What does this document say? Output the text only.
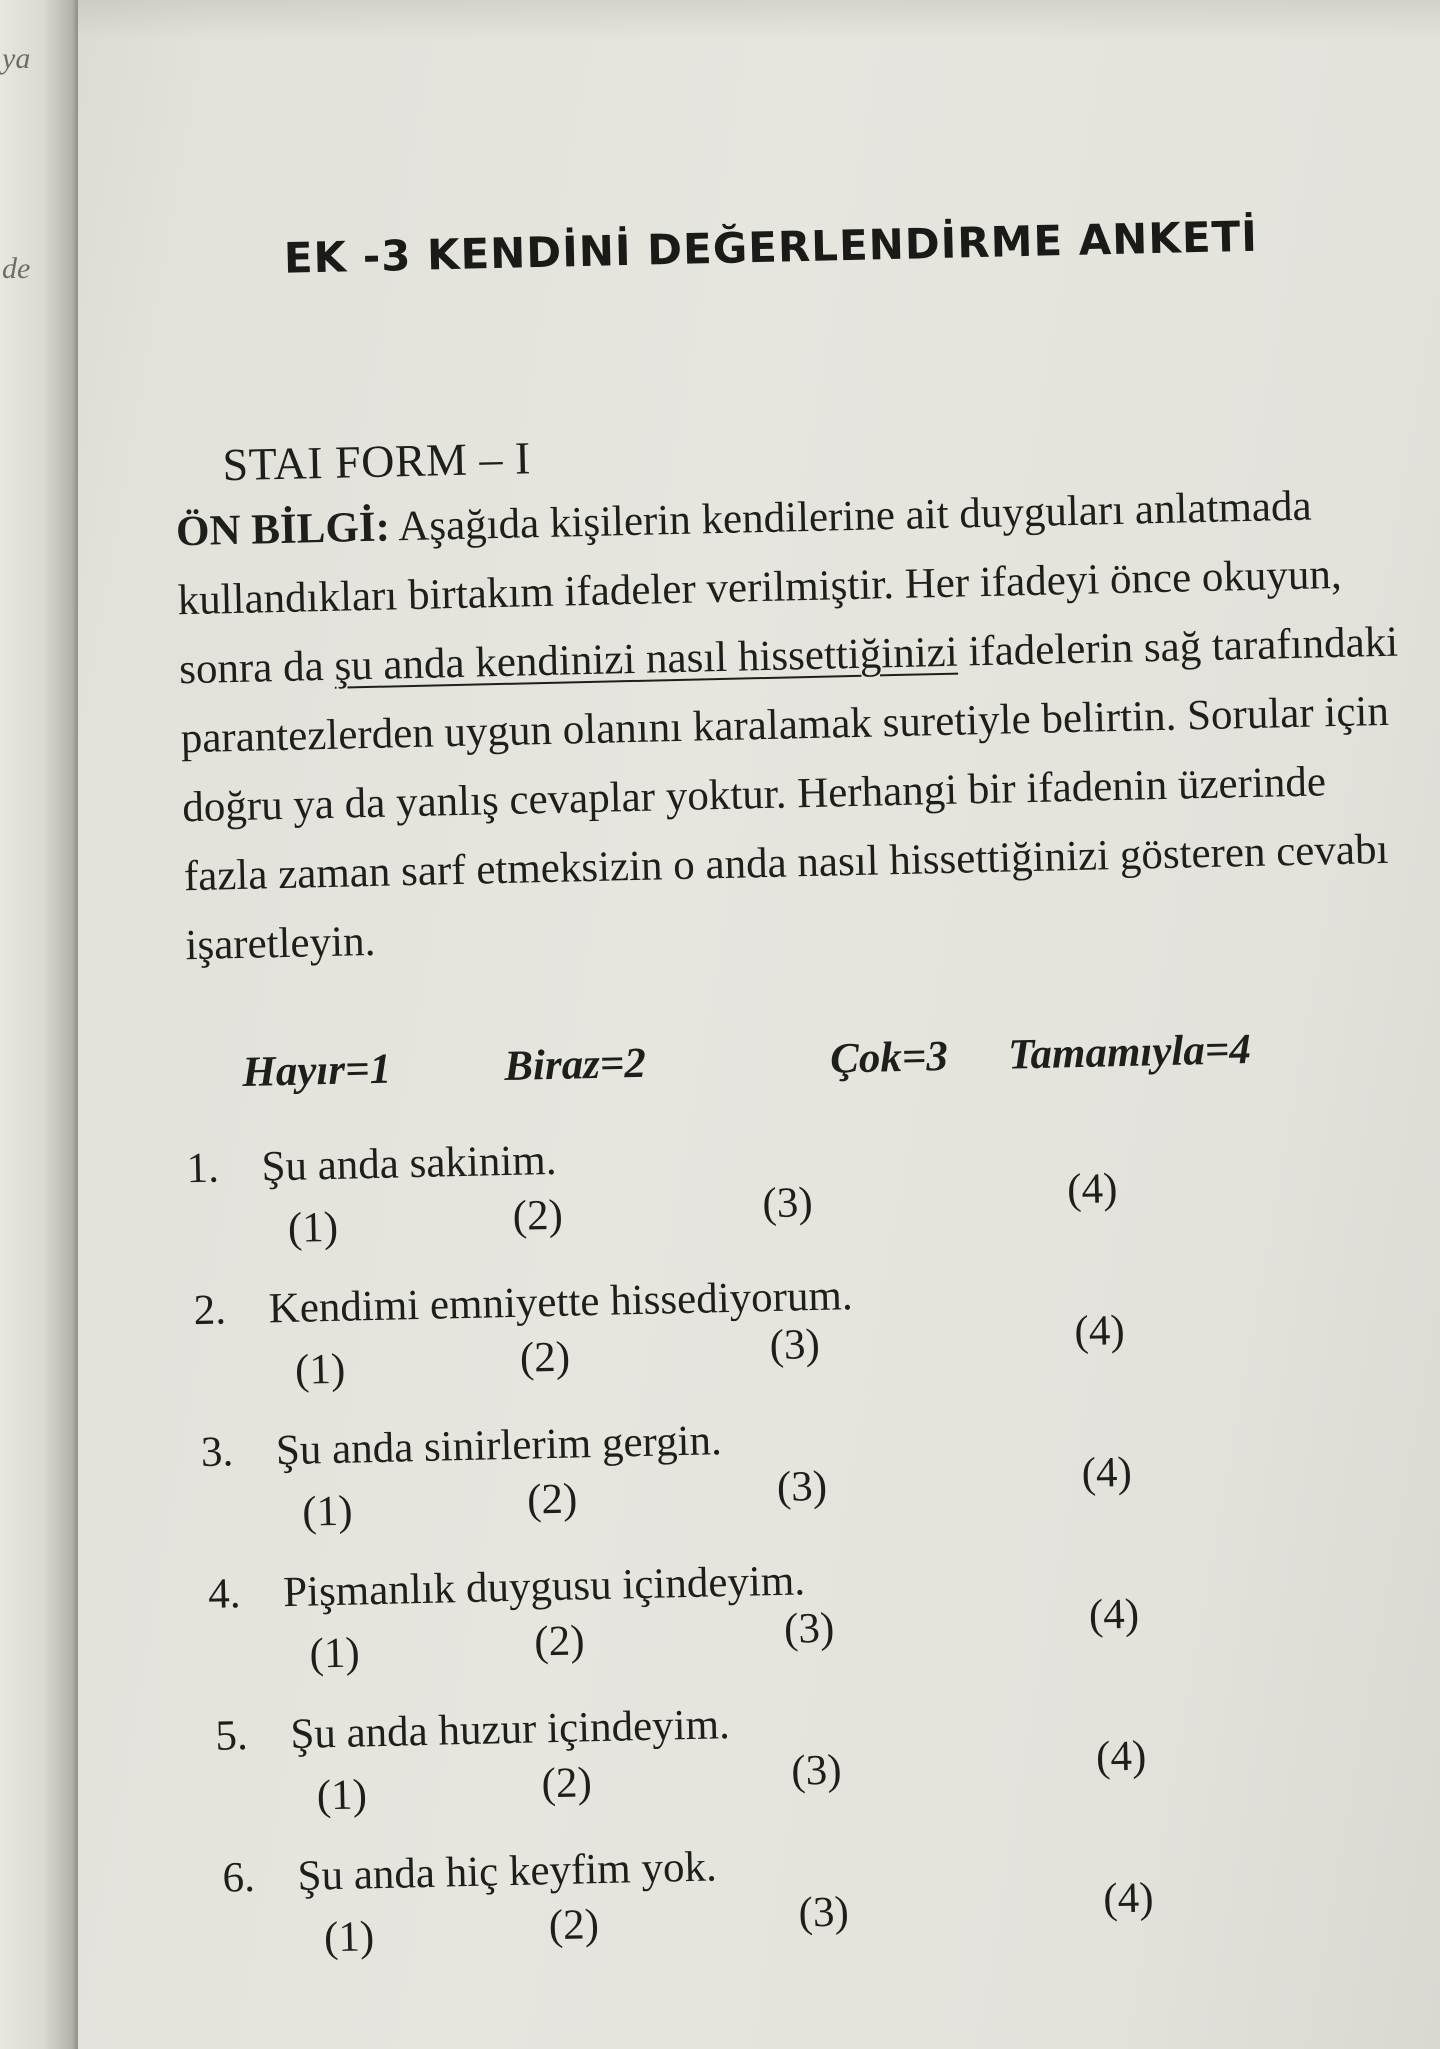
ya
de	EK -3 KENDİNİ DEĞERLENDİRME ANKETİ
STAI FORM – I

ÖN BİLGİ: Aşağıda kişilerin kendilerine ait duyguları anlatmada kullandıkları birtakım ifadeler verilmiştir. Her ifadeyi önce okuyun, sonra da şu anda kendinizi nasıl hissettiğinizi ifadelerin sağ tarafındaki parantezlerden uygun olanını karalamak suretiyle belirtin. Sorular için doğru ya da yanlış cevaplar yoktur. Herhangi bir ifadenin üzerinde fazla zaman sarf etmeksizin o anda nasıl hissettiğinizi gösteren cevabı işaretleyin.

Hayır=1	Biraz=2	Çok=3 Tamamıyla=4
1. Şu anda sakinim.
(1)	(2)	(3)	(4)
2. Kendimi emniyette hissediyorum.
(1)	(2)	(3)	(4)
3. Şu anda sinirlerim gergin.
(1)	(2)	(3)	(4)
4. Pişmanlık duygusu içindeyim.
(1)	(2)	(3)	(4)
5. Şu anda huzur içindeyim.
(1)	(2)	(3)	(4)
6. Şu anda hiç keyfim yok.
(1)	(2)	(3)	(4)
